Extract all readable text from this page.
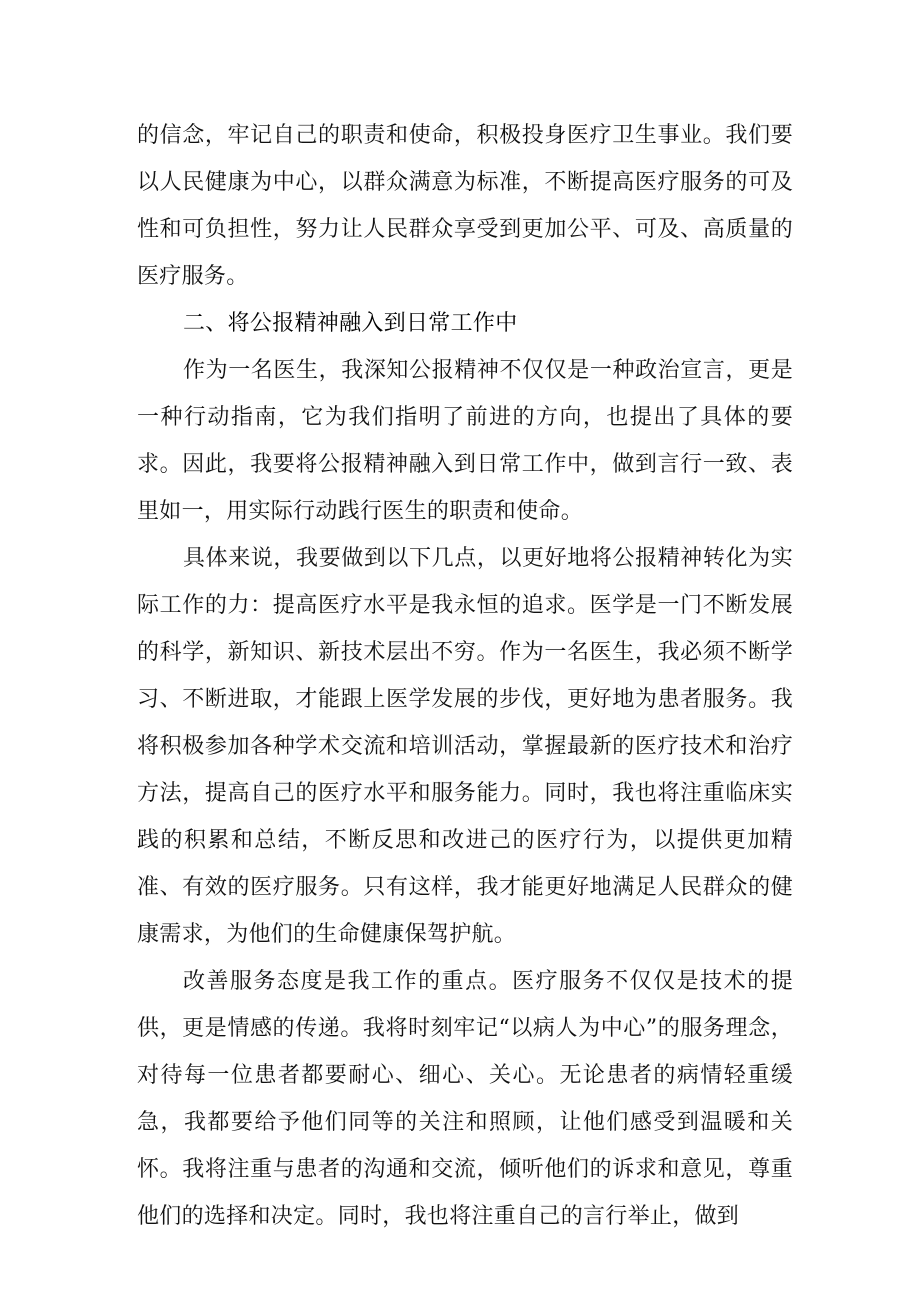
的信念，牢记自己的职责和使命，积极投身医疗卫生事业。我们要以人民健康为中心，以群众满意为标准，不断提高医疗服务的可及性和可负担性，努力让人民群众享受到更加公平、可及、高质量的医疗服务。

二、将公报精神融入到日常工作中

作为一名医生，我深知公报精神不仅仅是一种政治宣言，更是一种行动指南，它为我们指明了前进的方向，也提出了具体的要求。因此，我要将公报精神融入到日常工作中，做到言行一致、表里如一，用实际行动践行医生的职责和使命。

具体来说，我要做到以下几点，以更好地将公报精神转化为实际工作的力：提高医疗水平是我永恒的追求。医学是一门不断发展的科学，新知识、新技术层出不穷。作为一名医生，我必须不断学习、不断进取，才能跟上医学发展的步伐，更好地为患者服务。我将积极参加各种学术交流和培训活动，掌握最新的医疗技术和治疗方法，提高自己的医疗水平和服务能力。同时，我也将注重临床实践的积累和总结，不断反思和改进己的医疗行为，以提供更加精准、有效的医疗服务。只有这样，我才能更好地满足人民群众的健康需求，为他们的生命健康保驾护航。

改善服务态度是我工作的重点。医疗服务不仅仅是技术的提供，更是情感的传递。我将时刻牢记“以病人为中心”的服务理念，对待每一位患者都要耐心、细心、关心。无论患者的病情轻重缓急，我都要给予他们同等的关注和照顾，让他们感受到温暖和关怀。我将注重与患者的沟通和交流，倾听他们的诉求和意见，尊重他们的选择和决定。同时，我也将注重自己的言行举止，做到
